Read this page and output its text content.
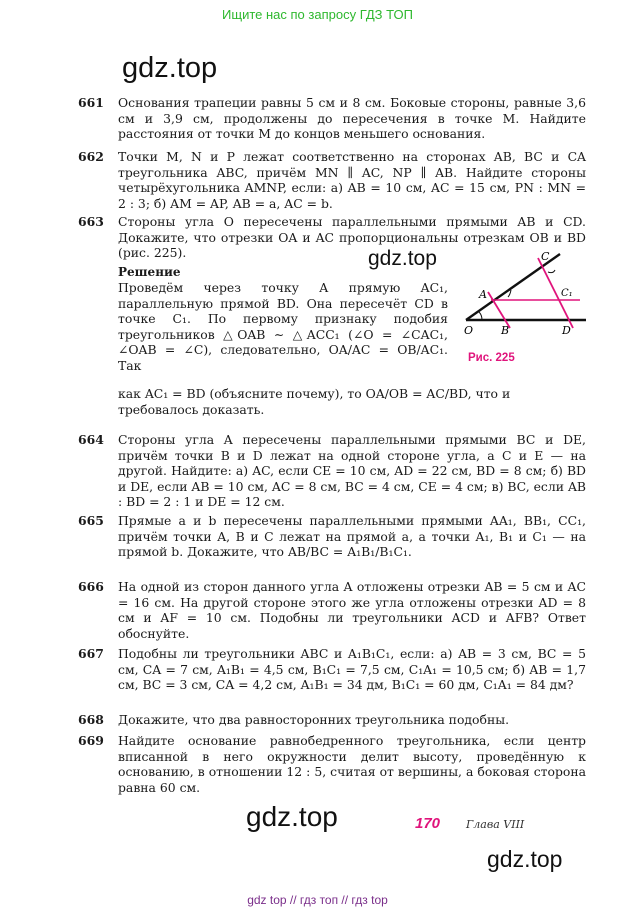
Ищите нас по запросу ГДЗ ТОП
gdz.top
661	Основания трапеции равны 5 см и 8 см. Боковые стороны, равные 3,6 см и 3,9 см, продолжены до пересечения в точке M. Найдите расстояния от точки M до концов меньшего основания.
662	Точки M, N и P лежат соответственно на сторонах AB, BC и CA треугольника ABC, причём MN ∥ AC, NP ∥ AB. Найдите стороны четырёхугольника AMNP, если: а) AB = 10 см, AC = 15 см, PN : MN = 2 : 3; б) AM = AP, AB = a, AC = b.
663	Стороны угла O пересечены параллельными прямыми AB и CD. Докажите, что отрезки OA и AC пропорциональны отрезкам OB и BD (рис. 225).	gdz.top
Решение
Проведём через точку A прямую AC₁, параллельную прямой BD. Она пересечёт CD в точке C₁. По первому признаку подобия треугольников △OAB ∼ △ACC₁ (∠O = ∠CAC₁, ∠OAB = ∠C), следовательно, OA/AC = OB/AC₁. Так
как AC₁ = BD (объясните почему), то OA/OB = AC/BD, что и требовалось доказать.
C
C₁
A
O	B	D
Рис. 225
664	Стороны угла A пересечены параллельными прямыми BC и DE, причём точки B и D лежат на одной стороне угла, а C и E — на другой. Найдите: а) AC, если CE = 10 см, AD = 22 см, BD = 8 см; б) BD и DE, если AB = 10 см, AC = 8 см, BC = 4 см, CE = 4 см; в) BC, если AB : BD = 2 : 1 и DE = 12 см.
665	Прямые a и b пересечены параллельными прямыми AA₁, BB₁, CC₁, причём точки A, B и C лежат на прямой a, а точки A₁, B₁ и C₁ — на прямой b. Докажите, что AB/BC = A₁B₁/B₁C₁.
666	На одной из сторон данного угла A отложены отрезки AB = 5 см и AC = 16 см. На другой стороне этого же угла отложены отрезки AD = 8 см и AF = 10 см. Подобны ли треугольники ACD и AFB? Ответ обоснуйте.
667	Подобны ли треугольники ABC и A₁B₁C₁, если: а) AB = 3 см, BC = 5 см, CA = 7 см, A₁B₁ = 4,5 см, B₁C₁ = 7,5 см, C₁A₁ = 10,5 см; б) AB = 1,7 см, BC = 3 см, CA = 4,2 см, A₁B₁ = 34 дм, B₁C₁ = 60 дм, C₁A₁ = 84 дм?
668	Докажите, что два равносторонних треугольника подобны.
669	Найдите основание равнобедренного треугольника, если центр вписанной в него окружности делит высоту, проведённую к основанию, в отношении 12 : 5, считая от вершины, а боковая сторона равна 60 см.
gdz.top	170 Глава VIII
gdz.top
gdz top // гдз топ // гдз top
